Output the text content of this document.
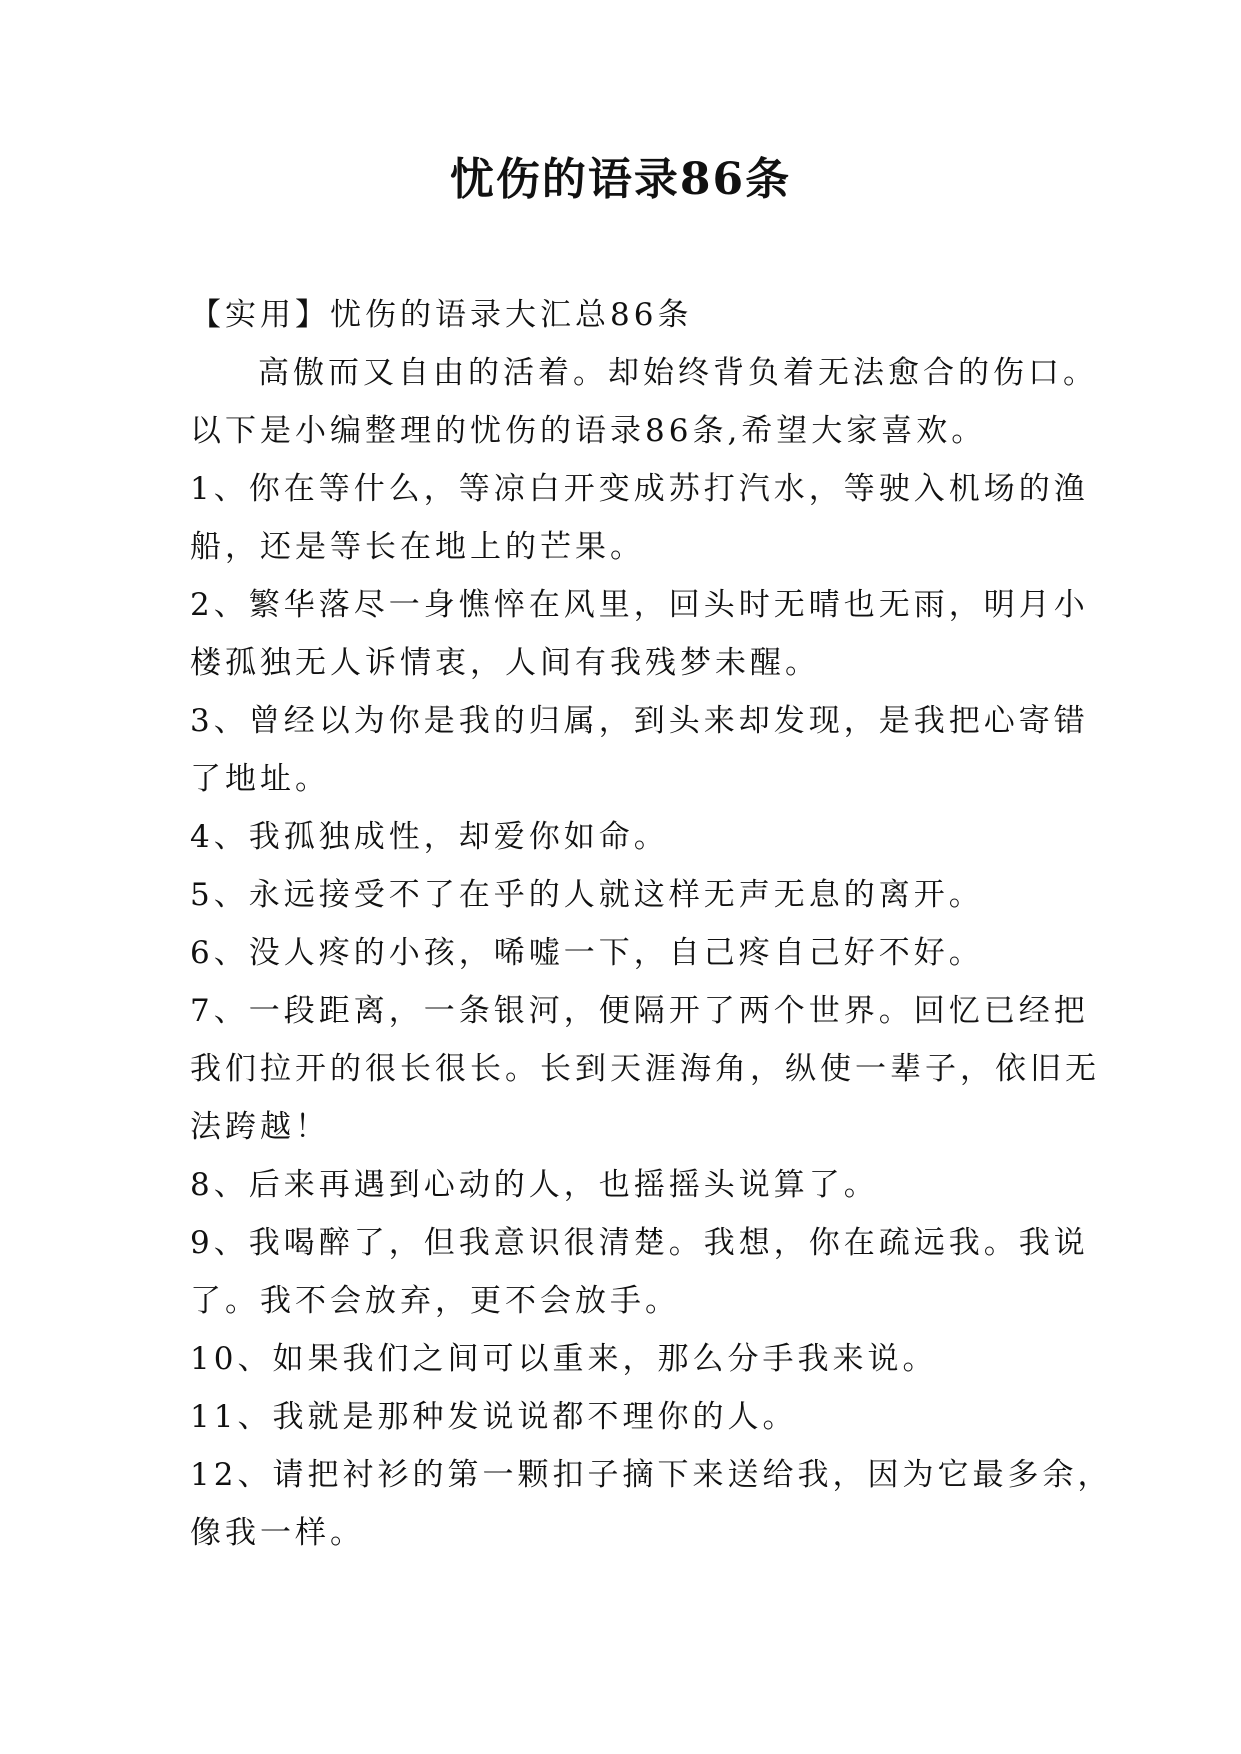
忧伤的语录86条
【实用】忧伤的语录大汇总86条
高傲而又自由的活着。却始终背负着无法愈合的伤口。
以下是小编整理的忧伤的语录86条,希望大家喜欢。
1、你在等什么，等凉白开变成苏打汽水，等驶入机场的渔
船，还是等长在地上的芒果。
2、繁华落尽一身憔悴在风里，回头时无晴也无雨，明月小
楼孤独无人诉情衷，人间有我残梦未醒。
3、曾经以为你是我的归属，到头来却发现，是我把心寄错
了地址。
4、我孤独成性，却爱你如命。
5、永远接受不了在乎的人就这样无声无息的离开。
6、没人疼的小孩，唏嘘一下，自己疼自己好不好。
7、一段距离，一条银河，便隔开了两个世界。回忆已经把
我们拉开的很长很长。长到天涯海角，纵使一辈子，依旧无
法跨越！
8、后来再遇到心动的人，也摇摇头说算了。
9、我喝醉了，但我意识很清楚。我想，你在疏远我。我说
了。我不会放弃，更不会放手。
10、如果我们之间可以重来，那么分手我来说。
11、我就是那种发说说都不理你的人。
12、请把衬衫的第一颗扣子摘下来送给我，因为它最多余，
像我一样。
